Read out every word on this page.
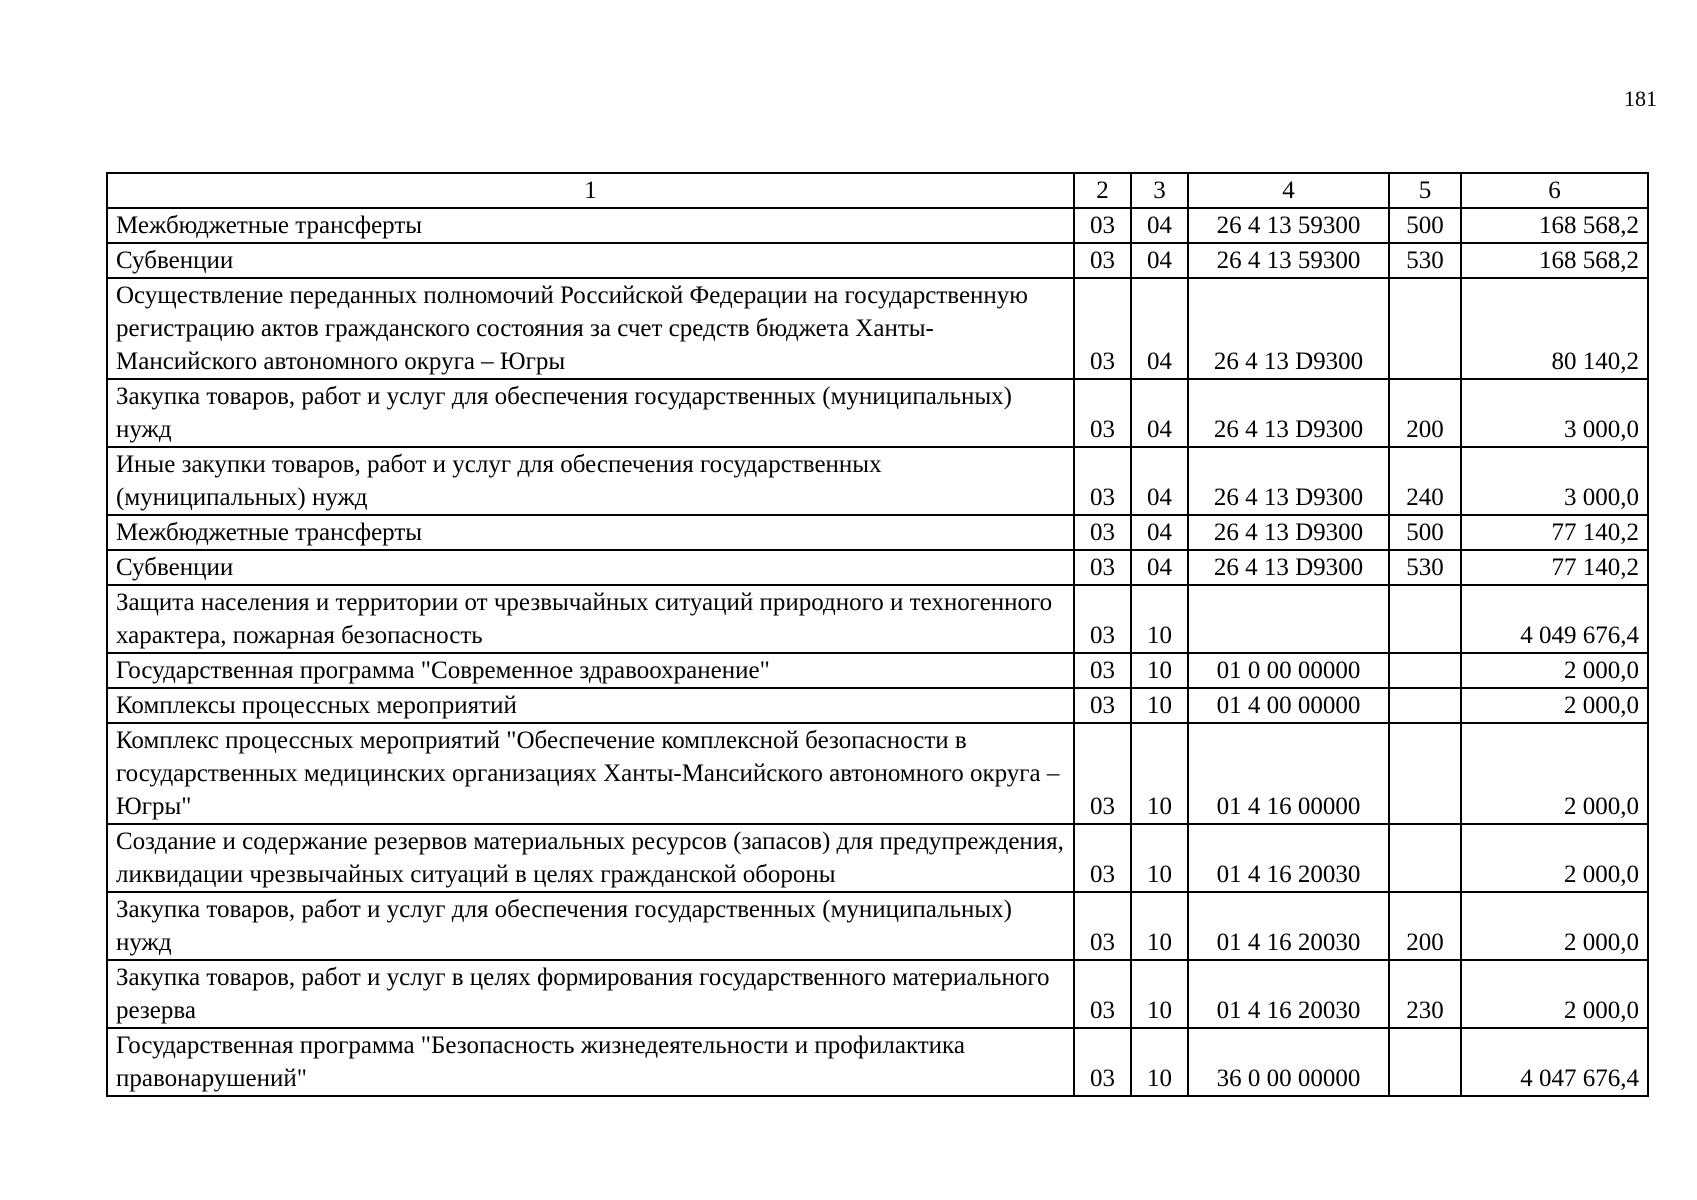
181
1	2	3	4	5	6
Межбюджетные трансферты	03	04	26 4 13 59300	500	168 568,2
Субвенции	03	04	26 4 13 59300	530	168 568,2
Осуществление переданных полномочий Российской Федерации на государственную регистрацию актов гражданского состояния за счет средств бюджета Ханты-Мансийского автономного округа – Югры	03	04	26 4 13 D9300		80 140,2
Закупка товаров, работ и услуг для обеспечения государственных (муниципальных) нужд	03	04	26 4 13 D9300	200	3 000,0
Иные закупки товаров, работ и услуг для обеспечения государственных (муниципальных) нужд	03	04	26 4 13 D9300	240	3 000,0
Межбюджетные трансферты	03	04	26 4 13 D9300	500	77 140,2
Субвенции	03	04	26 4 13 D9300	530	77 140,2
Защита населения и территории от чрезвычайных ситуаций природного и техногенного характера, пожарная безопасность	03	10			4 049 676,4
Государственная программа "Современное здравоохранение"	03	10	01 0 00 00000		2 000,0
Комплексы процессных мероприятий	03	10	01 4 00 00000		2 000,0
Комплекс процессных мероприятий "Обеспечение комплексной безопасности в государственных медицинских организациях Ханты-Мансийского автономного округа – Югры"	03	10	01 4 16 00000		2 000,0
Создание и содержание резервов материальных ресурсов (запасов) для предупреждения, ликвидации чрезвычайных ситуаций в целях гражданской обороны	03	10	01 4 16 20030		2 000,0
Закупка товаров, работ и услуг для обеспечения государственных (муниципальных) нужд	03	10	01 4 16 20030	200	2 000,0
Закупка товаров, работ и услуг в целях формирования государственного материального резерва	03	10	01 4 16 20030	230	2 000,0
Государственная программа "Безопасность жизнедеятельности и профилактика правонарушений"	03	10	36 0 00 00000		4 047 676,4
